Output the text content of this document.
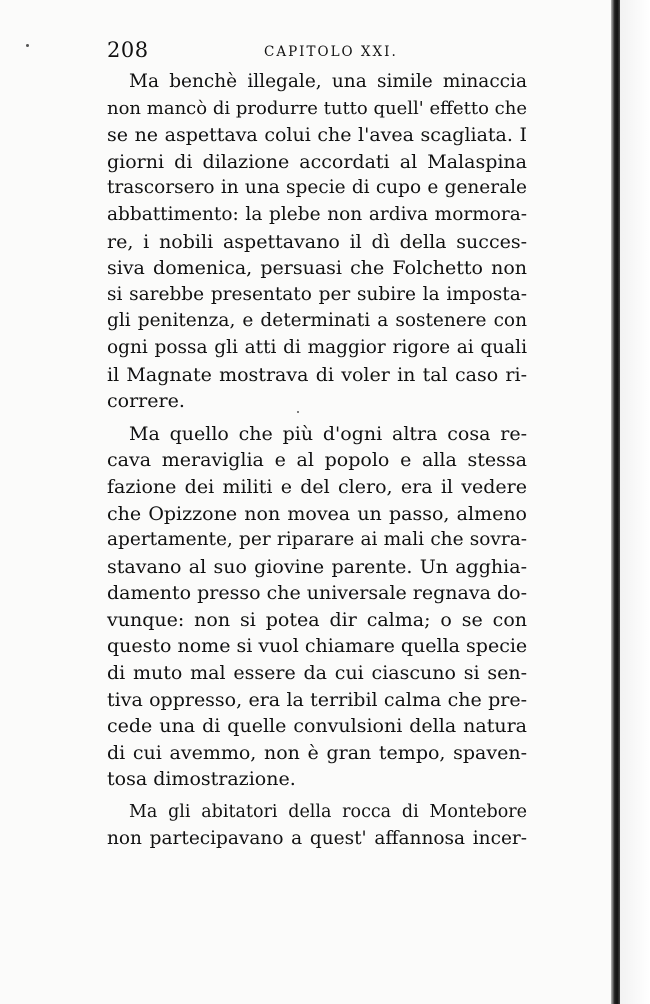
208	CAPITOLO XXI.
Ma benchè illegale, una simile minaccia
non mancò di produrre tutto quell' effetto che
se ne aspettava colui che l'avea scagliata. I
giorni di dilazione accordati al Malaspina
trascorsero in una specie di cupo e generale
abbattimento: la plebe non ardiva mormora-
re, i nobili aspettavano il dì della succes-
siva domenica, persuasi che Folchetto non
si sarebbe presentato per subire la imposta-
gli penitenza, e determinati a sostenere con
ogni possa gli atti di maggior rigore ai quali
il Magnate mostrava di voler in tal caso ri-
correre.
Ma quello che più d'ogni altra cosa re-
cava meraviglia e al popolo e alla stessa
fazione dei militi e del clero, era il vedere
che Opizzone non movea un passo, almeno
apertamente, per riparare ai mali che sovra-
stavano al suo giovine parente. Un agghia-
damento presso che universale regnava do-
vunque: non si potea dir calma; o se con
questo nome si vuol chiamare quella specie
di muto mal essere da cui ciascuno si sen-
tiva oppresso, era la terribil calma che pre-
cede una di quelle convulsioni della natura
di cui avemmo, non è gran tempo, spaven-
tosa dimostrazione.
Ma gli abitatori della rocca di Montebore
non partecipavano a quest' affannosa incer-
